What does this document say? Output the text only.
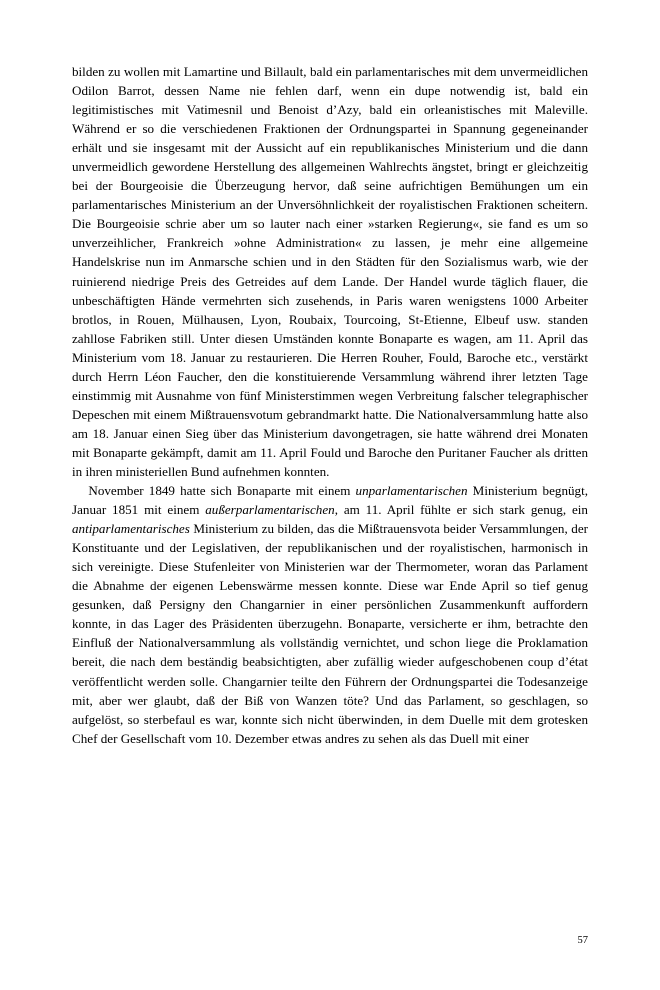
bilden zu wollen mit Lamartine und Billault, bald ein parlamentarisches mit dem unvermeidlichen Odilon Barrot, dessen Name nie fehlen darf, wenn ein dupe notwendig ist, bald ein legitimistisches mit Vatimesnil und Benoist d’Azy, bald ein orleanistisches mit Maleville. Während er so die verschiedenen Fraktionen der Ordnungspartei in Spannung gegeneinander erhält und sie insgesamt mit der Aussicht auf ein republikanisches Ministerium und die dann unvermeidlich gewordene Herstellung des allgemeinen Wahlrechts ängstet, bringt er gleichzeitig bei der Bourgeoisie die Überzeugung hervor, daß seine aufrichtigen Bemühungen um ein parlamentarisches Ministerium an der Unversöhnlichkeit der royalistischen Fraktionen scheitern. Die Bourgeoisie schrie aber um so lauter nach einer »starken Regierung«, sie fand es um so unverzeihlicher, Frankreich »ohne Administration« zu lassen, je mehr eine allgemeine Handelskrise nun im Anmarsche schien und in den Städten für den Sozialismus warb, wie der ruinierend niedrige Preis des Getreides auf dem Lande. Der Handel wurde täglich flauer, die unbeschäftigten Hände vermehrten sich zusehends, in Paris waren wenigstens 1000 Arbeiter brotlos, in Rouen, Mülhausen, Lyon, Roubaix, Tourcoing, St-Etienne, Elbeuf usw. standen zahllose Fabriken still. Unter diesen Umständen konnte Bonaparte es wagen, am 11. April das Ministerium vom 18. Januar zu restaurieren. Die Herren Rouher, Fould, Baroche etc., verstärkt durch Herrn Léon Faucher, den die konstituierende Versammlung während ihrer letzten Tage einstimmig mit Ausnahme von fünf Ministerstimmen wegen Verbreitung falscher telegraphischer Depeschen mit einem Mißtrauensvotum gebrandmarkt hatte. Die Nationalversammlung hatte also am 18. Januar einen Sieg über das Ministerium davongetragen, sie hatte während drei Monaten mit Bonaparte gekämpft, damit am 11. April Fould und Baroche den Puritaner Faucher als dritten in ihren ministeriellen Bund aufnehmen konnten.

November 1849 hatte sich Bonaparte mit einem unparlamentarischen Ministerium begnügt, Januar 1851 mit einem außerparlamentarischen, am 11. April fühlte er sich stark genug, ein antiparlamentarisches Ministerium zu bilden, das die Mißtrauensvota beider Versammlungen, der Konstituante und der Legislativen, der republikanischen und der royalistischen, harmonisch in sich vereinigte. Diese Stufenleiter von Ministerien war der Thermometer, woran das Parlament die Abnahme der eigenen Lebenswärme messen konnte. Diese war Ende April so tief genug gesunken, daß Persigny den Changarnier in einer persönlichen Zusammenkunft auffordern konnte, in das Lager des Präsidenten überzugehn. Bonaparte, versicherte er ihm, betrachte den Einfluß der Nationalversammlung als vollständig vernichtet, und schon liege die Proklamation bereit, die nach dem beständig beabsichtigten, aber zufällig wieder aufgeschobenen coup d’état veröffentlicht werden solle. Changarnier teilte den Führern der Ordnungspartei die Todesanzeige mit, aber wer glaubt, daß der Biß von Wanzen töte? Und das Parlament, so geschlagen, so aufgelöst, so sterbefaul es war, konnte sich nicht überwinden, in dem Duelle mit dem grotesken Chef der Gesellschaft vom 10. Dezember etwas andres zu sehen als das Duell mit einer

57
